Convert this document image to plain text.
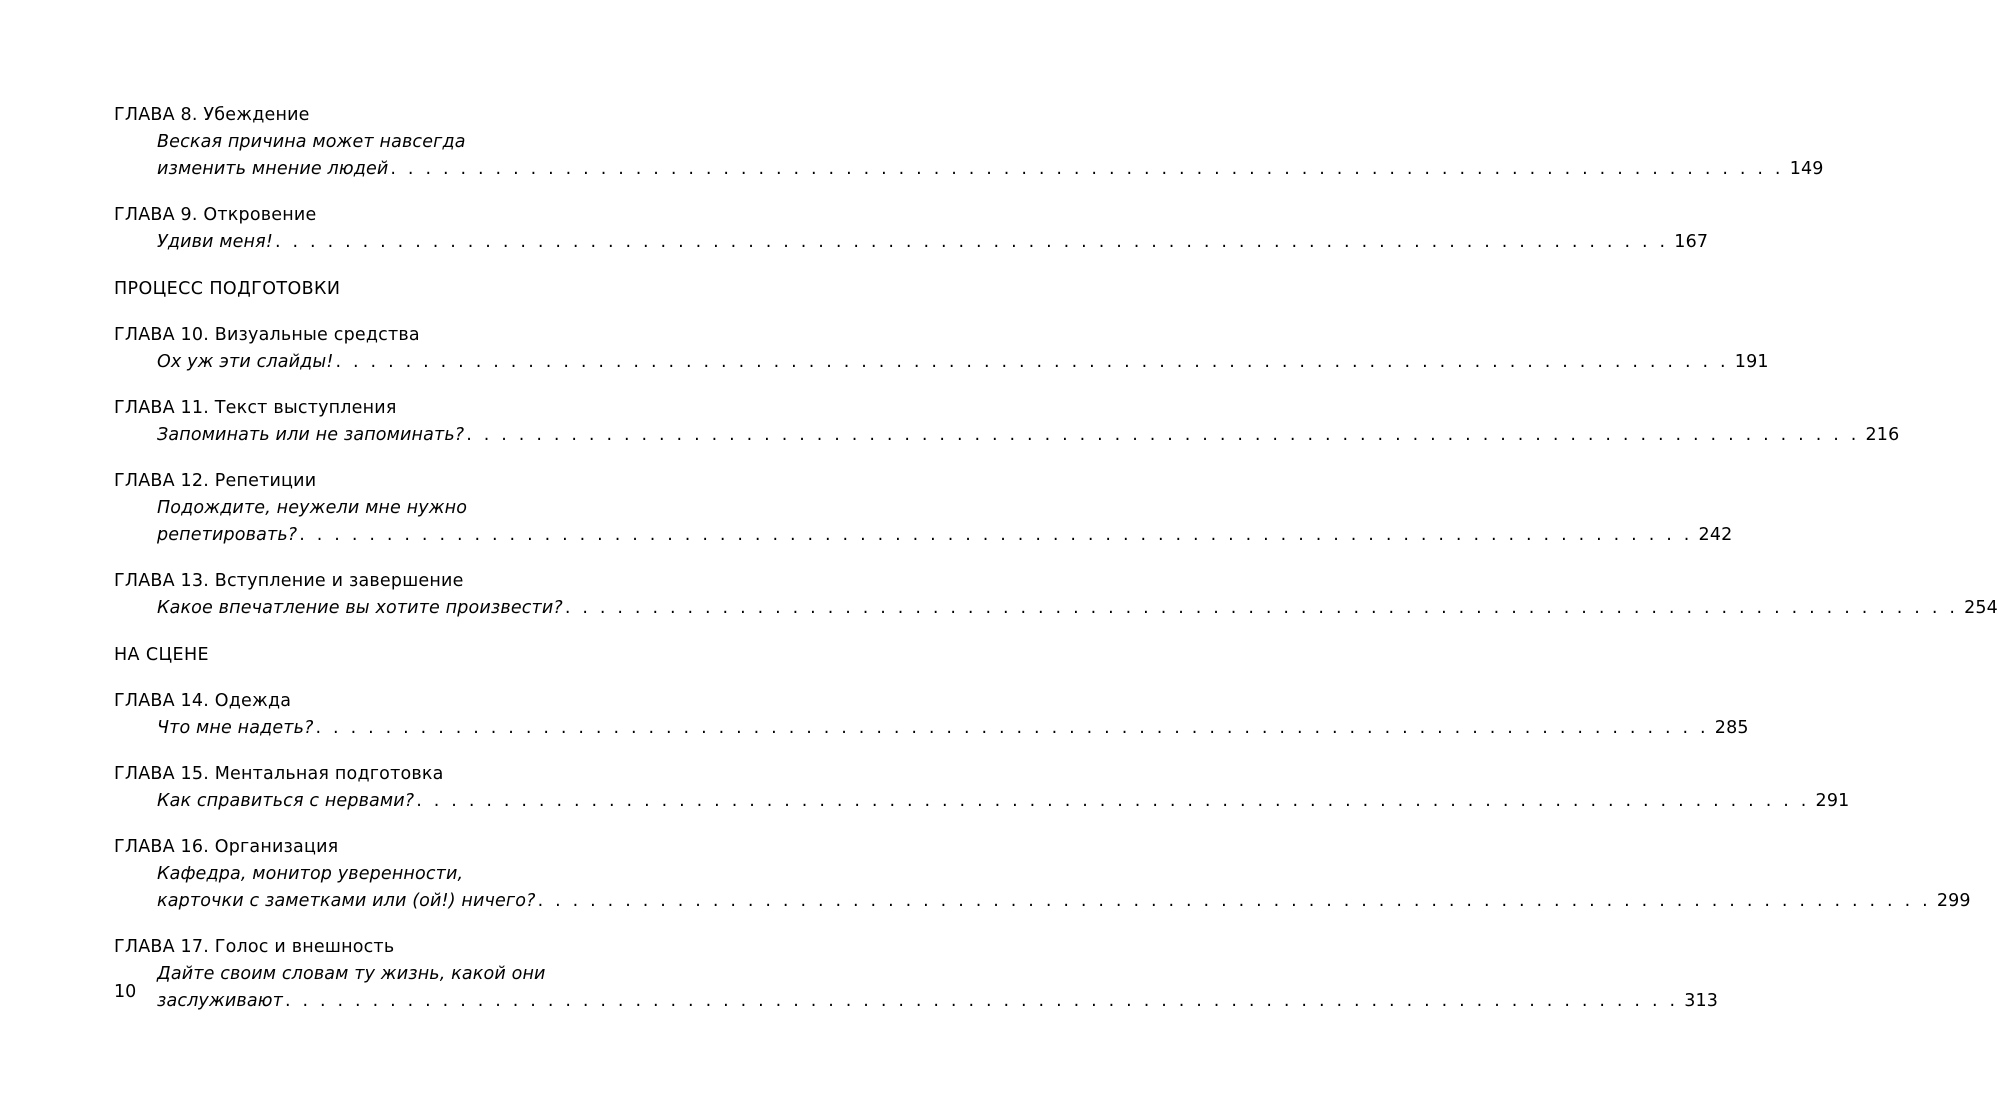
ГЛАВА 8. Убеждение
Веская причина может навсегда
изменить мнение людей . . . . . . . . . . . . . . . . . . . . . . . . . . . . . . . . . . . . . . . . . . . . . . . . . . . . . . . . . . . . . . . . . . . . . . . . . . . . . . . . 149
ГЛАВА 9. Откровение
Удиви меня! . . . . . . . . . . . . . . . . . . . . . . . . . . . . . . . . . . . . . . . . . . . . . . . . . . . . . . . . . . . . . . . . . . . . . . . . . . . . . . . . 167
ПРОЦЕСС ПОДГОТОВКИ
ГЛАВА 10. Визуальные средства
Ох уж эти слайды! . . . . . . . . . . . . . . . . . . . . . . . . . . . . . . . . . . . . . . . . . . . . . . . . . . . . . . . . . . . . . . . . . . . . . . . . . . . . . . . . 191
ГЛАВА 11. Текст выступления
Запоминать или не запоминать? . . . . . . . . . . . . . . . . . . . . . . . . . . . . . . . . . . . . . . . . . . . . . . . . . . . . . . . . . . . . . . . . . . . . . . . . . . . . . . . . 216
ГЛАВА 12. Репетиции
Подождите, неужели мне нужно
репетировать? . . . . . . . . . . . . . . . . . . . . . . . . . . . . . . . . . . . . . . . . . . . . . . . . . . . . . . . . . . . . . . . . . . . . . . . . . . . . . . . . 242
ГЛАВА 13. Вступление и завершение
Какое впечатление вы хотите произвести? . . . . . . . . . . . . . . . . . . . . . . . . . . . . . . . . . . . . . . . . . . . . . . . . . . . . . . . . . . . . . . . . . . . . . . . . . . . . . . . . 254
НА СЦЕНЕ
ГЛАВА 14. Одежда
Что мне надеть? . . . . . . . . . . . . . . . . . . . . . . . . . . . . . . . . . . . . . . . . . . . . . . . . . . . . . . . . . . . . . . . . . . . . . . . . . . . . . . . . 285
ГЛАВА 15. Ментальная подготовка
Как справиться с нервами? . . . . . . . . . . . . . . . . . . . . . . . . . . . . . . . . . . . . . . . . . . . . . . . . . . . . . . . . . . . . . . . . . . . . . . . . . . . . . . . . 291
ГЛАВА 16. Организация
Кафедра, монитор уверенности,
карточки с заметками или (ой!) ничего? . . . . . . . . . . . . . . . . . . . . . . . . . . . . . . . . . . . . . . . . . . . . . . . . . . . . . . . . . . . . . . . . . . . . . . . . . . . . . . . . 299
ГЛАВА 17. Голос и внешность
Дайте своим словам ту жизнь, какой они
заслуживают . . . . . . . . . . . . . . . . . . . . . . . . . . . . . . . . . . . . . . . . . . . . . . . . . . . . . . . . . . . . . . . . . . . . . . . . . . . . . . . . 313
10
